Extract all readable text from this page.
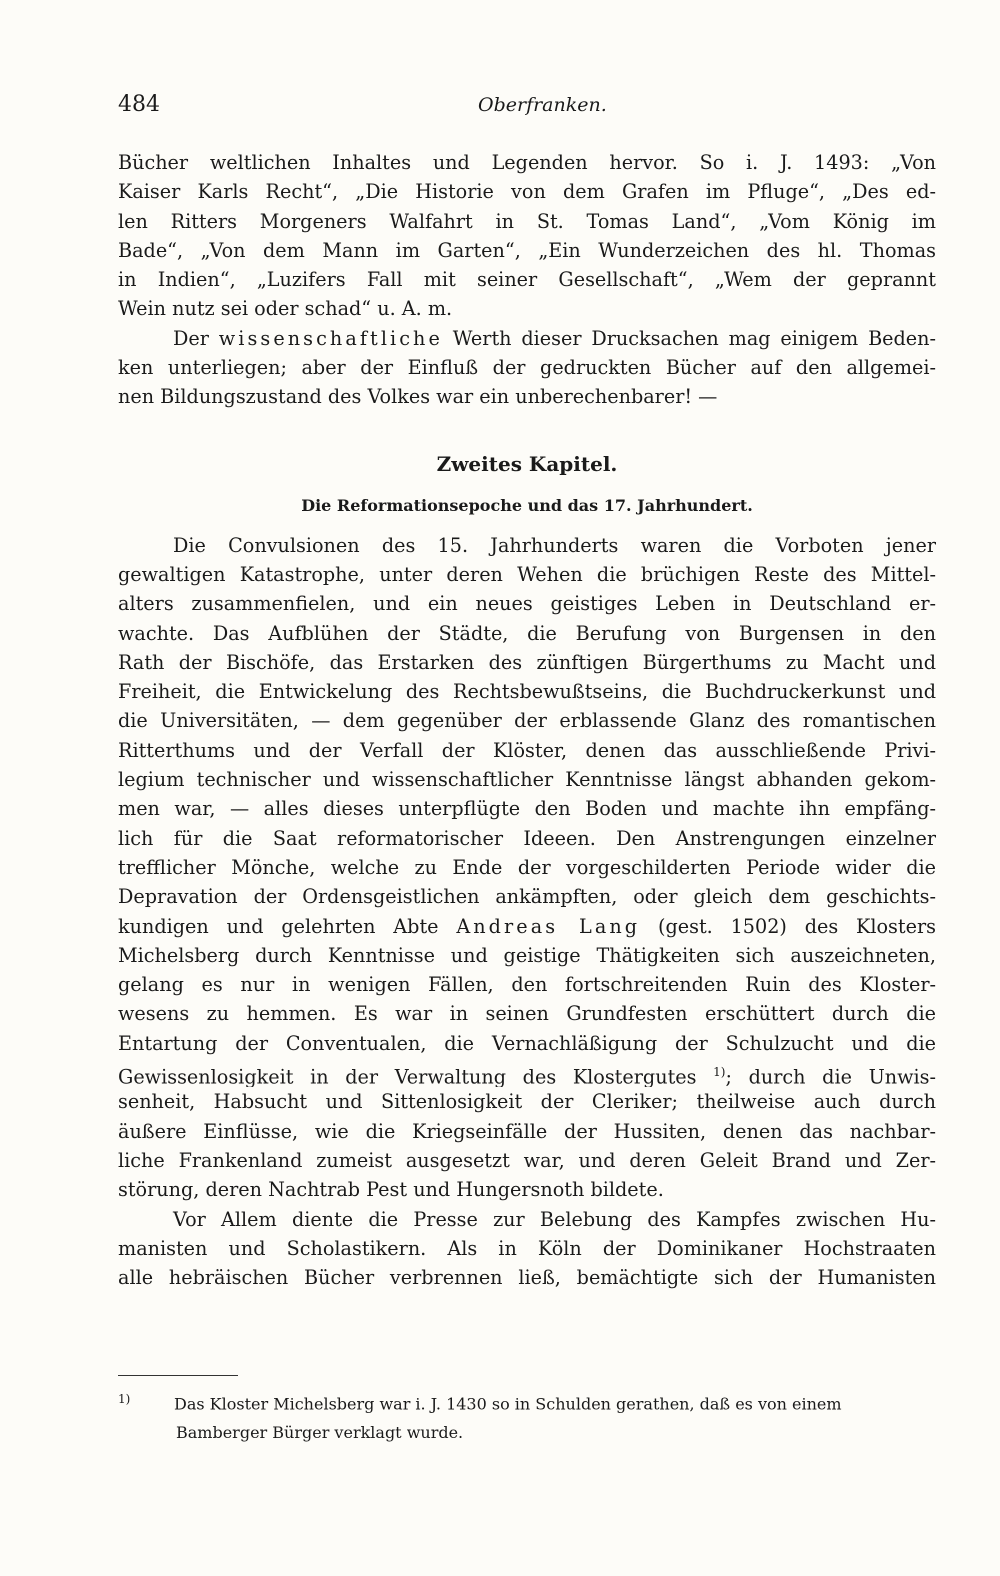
484	Oberfranken.
Bücher weltlichen Inhaltes und Legenden hervor. So i. J. 1493: „Von
Kaiser Karls Recht“, „Die Historie von dem Grafen im Pfluge“, „Des ed-
len Ritters Morgeners Walfahrt in St. Tomas Land“, „Vom König im
Bade“, „Von dem Mann im Garten“, „Ein Wunderzeichen des hl. Thomas
in Indien“, „Luzifers Fall mit seiner Gesellschaft“, „Wem der geprannt
Wein nutz sei oder schad“ u. A. m.
Der wissenschaftliche Werth dieser Drucksachen mag einigem Beden-
ken unterliegen; aber der Einfluß der gedruckten Bücher auf den allgemei-
nen Bildungszustand des Volkes war ein unberechenbarer! —
Zweites Kapitel.
Die Reformationsepoche und das 17. Jahrhundert.
Die Convulsionen des 15. Jahrhunderts waren die Vorboten jener
gewaltigen Katastrophe, unter deren Wehen die brüchigen Reste des Mittel-
alters zusammenfielen, und ein neues geistiges Leben in Deutschland er-
wachte. Das Aufblühen der Städte, die Berufung von Burgensen in den
Rath der Bischöfe, das Erstarken des zünftigen Bürgerthums zu Macht und
Freiheit, die Entwickelung des Rechtsbewußtseins, die Buchdruckerkunst und
die Universitäten, — dem gegenüber der erblassende Glanz des romantischen
Ritterthums und der Verfall der Klöster, denen das ausschließende Privi-
legium technischer und wissenschaftlicher Kenntnisse längst abhanden gekom-
men war, — alles dieses unterpflügte den Boden und machte ihn empfäng-
lich für die Saat reformatorischer Ideeen. Den Anstrengungen einzelner
trefflicher Mönche, welche zu Ende der vorgeschilderten Periode wider die
Depravation der Ordensgeistlichen ankämpften, oder gleich dem geschichts-
kundigen und gelehrten Abte Andreas Lang (gest. 1502) des Klosters
Michelsberg durch Kenntnisse und geistige Thätigkeiten sich auszeichneten,
gelang es nur in wenigen Fällen, den fortschreitenden Ruin des Kloster-
wesens zu hemmen. Es war in seinen Grundfesten erschüttert durch die
Entartung der Conventualen, die Vernachläßigung der Schulzucht und die
Gewissenlosigkeit in der Verwaltung des Klostergutes $^{1)}$; durch die Unwis-
senheit, Habsucht und Sittenlosigkeit der Cleriker; theilweise auch durch
äußere Einflüsse, wie die Kriegseinfälle der Hussiten, denen das nachbar-
liche Frankenland zumeist ausgesetzt war, und deren Geleit Brand und Zer-
störung, deren Nachtrab Pest und Hungersnoth bildete.
Vor Allem diente die Presse zur Belebung des Kampfes zwischen Hu-
manisten und Scholastikern. Als in Köln der Dominikaner Hochstraaten
alle hebräischen Bücher verbrennen ließ, bemächtigte sich der Humanisten
$^{1)}$	Das Kloster Michelsberg war i. J. 1430 so in Schulden gerathen, daß es von einem
Bamberger Bürger verklagt wurde.
